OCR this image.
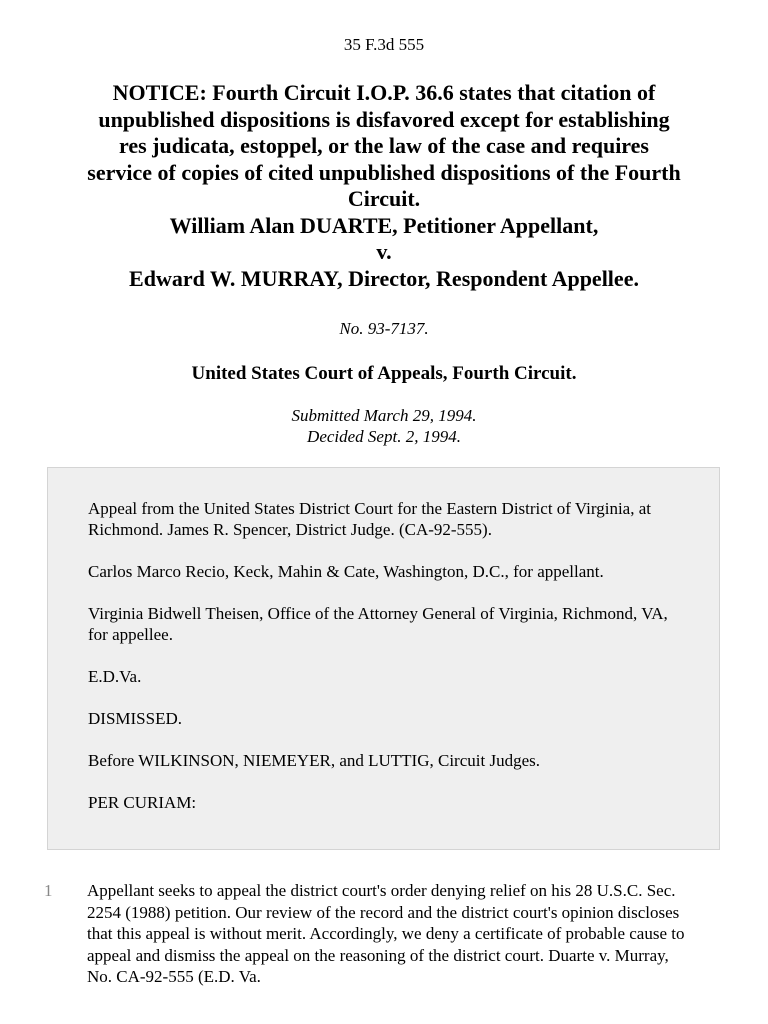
35 F.3d 555
NOTICE: Fourth Circuit I.O.P. 36.6 states that citation of
unpublished dispositions is disfavored except for establishing
res judicata, estoppel, or the law of the case and requires
service of copies of cited unpublished dispositions of the Fourth
Circuit.
William Alan DUARTE, Petitioner Appellant,
v.
Edward W. MURRAY, Director, Respondent Appellee.
No. 93-7137.
United States Court of Appeals, Fourth Circuit.
Submitted March 29, 1994.
Decided Sept. 2, 1994.

Appeal from the United States District Court for the Eastern District of Virginia, at Richmond. James R. Spencer, District Judge. (CA-92-555).

Carlos Marco Recio, Keck, Mahin & Cate, Washington, D.C., for appellant.

Virginia Bidwell Theisen, Office of the Attorney General of Virginia, Richmond, VA, for appellee.

E.D.Va.

DISMISSED.

Before WILKINSON, NIEMEYER, and LUTTIG, Circuit Judges.

PER CURIAM:

1 Appellant seeks to appeal the district court's order denying relief on his 28 U.S.C. Sec. 2254 (1988) petition. Our review of the record and the district court's opinion discloses that this appeal is without merit. Accordingly, we deny a certificate of probable cause to appeal and dismiss the appeal on the reasoning of the district court. Duarte v. Murray, No. CA-92-555 (E.D. Va.
